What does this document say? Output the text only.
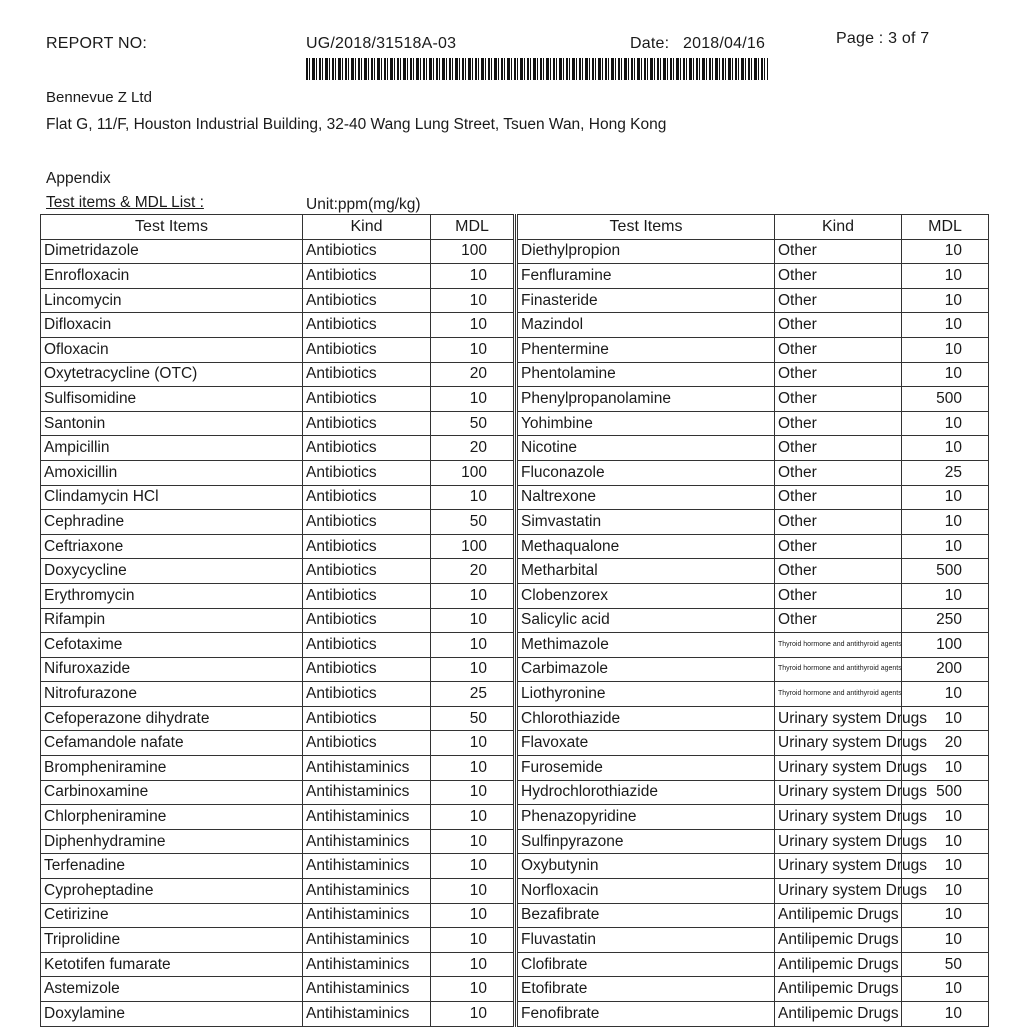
REPORT NO:	UG/2018/31518A-03	Date: 2018/04/16	Page : 3 of 7
Bennevue Z Ltd
Flat G, 11/F, Houston Industrial Building, 32-40 Wang Lung Street, Tsuen Wan, Hong Kong
Appendix
Test items & MDL List :	Unit:ppm(mg/kg)
Test Items	Kind	MDL
Dimetridazole	Antibiotics	100
Enrofloxacin	Antibiotics	10
Lincomycin	Antibiotics	10
Difloxacin	Antibiotics	10
Ofloxacin	Antibiotics	10
Oxytetracycline (OTC)	Antibiotics	20
Sulfisomidine	Antibiotics	10
Santonin	Antibiotics	50
Ampicillin	Antibiotics	20
Amoxicillin	Antibiotics	100
Clindamycin HCl	Antibiotics	10
Cephradine	Antibiotics	50
Ceftriaxone	Antibiotics	100
Doxycycline	Antibiotics	20
Erythromycin	Antibiotics	10
Rifampin	Antibiotics	10
Cefotaxime	Antibiotics	10
Nifuroxazide	Antibiotics	10
Nitrofurazone	Antibiotics	25
Cefoperazone dihydrate	Antibiotics	50
Cefamandole nafate	Antibiotics	10
Brompheniramine	Antihistaminics	10
Carbinoxamine	Antihistaminics	10
Chlorpheniramine	Antihistaminics	10
Diphenhydramine	Antihistaminics	10
Terfenadine	Antihistaminics	10
Cyproheptadine	Antihistaminics	10
Cetirizine	Antihistaminics	10
Triprolidine	Antihistaminics	10
Ketotifen fumarate	Antihistaminics	10
Astemizole	Antihistaminics	10
Doxylamine	Antihistaminics	10
Test Items	Kind	MDL
Diethylpropion	Other	10
Fenfluramine	Other	10
Finasteride	Other	10
Mazindol	Other	10
Phentermine	Other	10
Phentolamine	Other	10
Phenylpropanolamine	Other	500
Yohimbine	Other	10
Nicotine	Other	10
Fluconazole	Other	25
Naltrexone	Other	10
Simvastatin	Other	10
Methaqualone	Other	10
Metharbital	Other	500
Clobenzorex	Other	10
Salicylic acid	Other	250
Methimazole	Thyroid hormone and antithyroid agents	100
Carbimazole	Thyroid hormone and antithyroid agents	200
Liothyronine	Thyroid hormone and antithyroid agents	10
Chlorothiazide	Urinary system Drugs	10
Flavoxate	Urinary system Drugs	20
Furosemide	Urinary system Drugs	10
Hydrochlorothiazide	Urinary system Drugs	500
Phenazopyridine	Urinary system Drugs	10
Sulfinpyrazone	Urinary system Drugs	10
Oxybutynin	Urinary system Drugs	10
Norfloxacin	Urinary system Drugs	10
Bezafibrate	Antilipemic Drugs	10
Fluvastatin	Antilipemic Drugs	10
Clofibrate	Antilipemic Drugs	50
Etofibrate	Antilipemic Drugs	10
Fenofibrate	Antilipemic Drugs	10
